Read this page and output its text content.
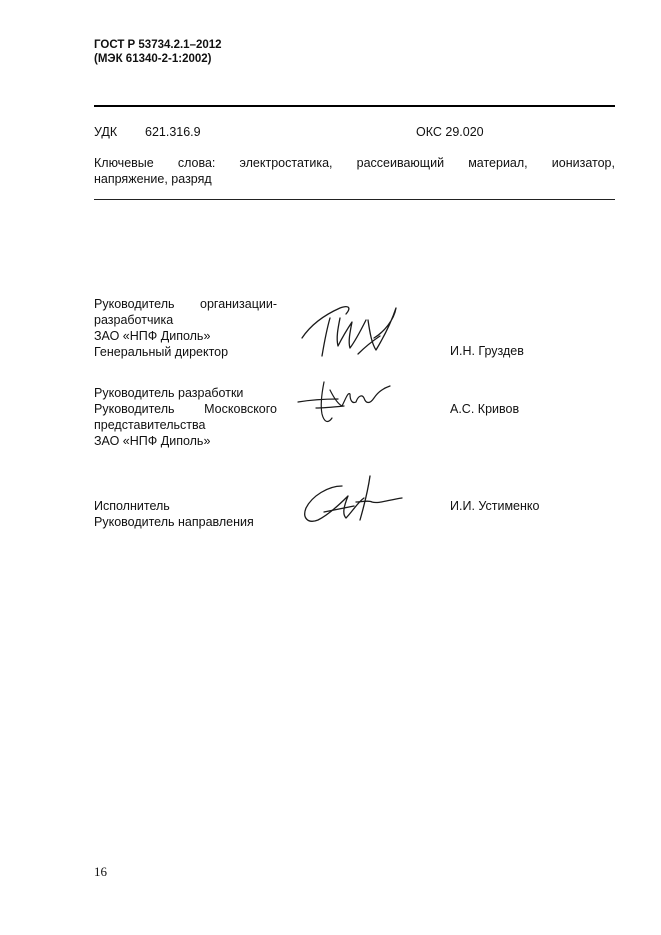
ГОСТ Р 53734.2.1–2012
(МЭК 61340-2-1:2002)
УДК 621.316.9	ОКС 29.020
Ключевые слова: электростатика, рассеивающий материал, ионизатор,
напряжение, разряд
Руководитель организации-
разработчика
ЗАО «НПФ Диполь»
Генеральный директор	И.Н. Груздев
Руководитель разработки
Руководитель Московского
представительства
ЗАО «НПФ Диполь»
А.С. Кривов
Исполнитель
Руководитель направления
И.И. Устименко
16
